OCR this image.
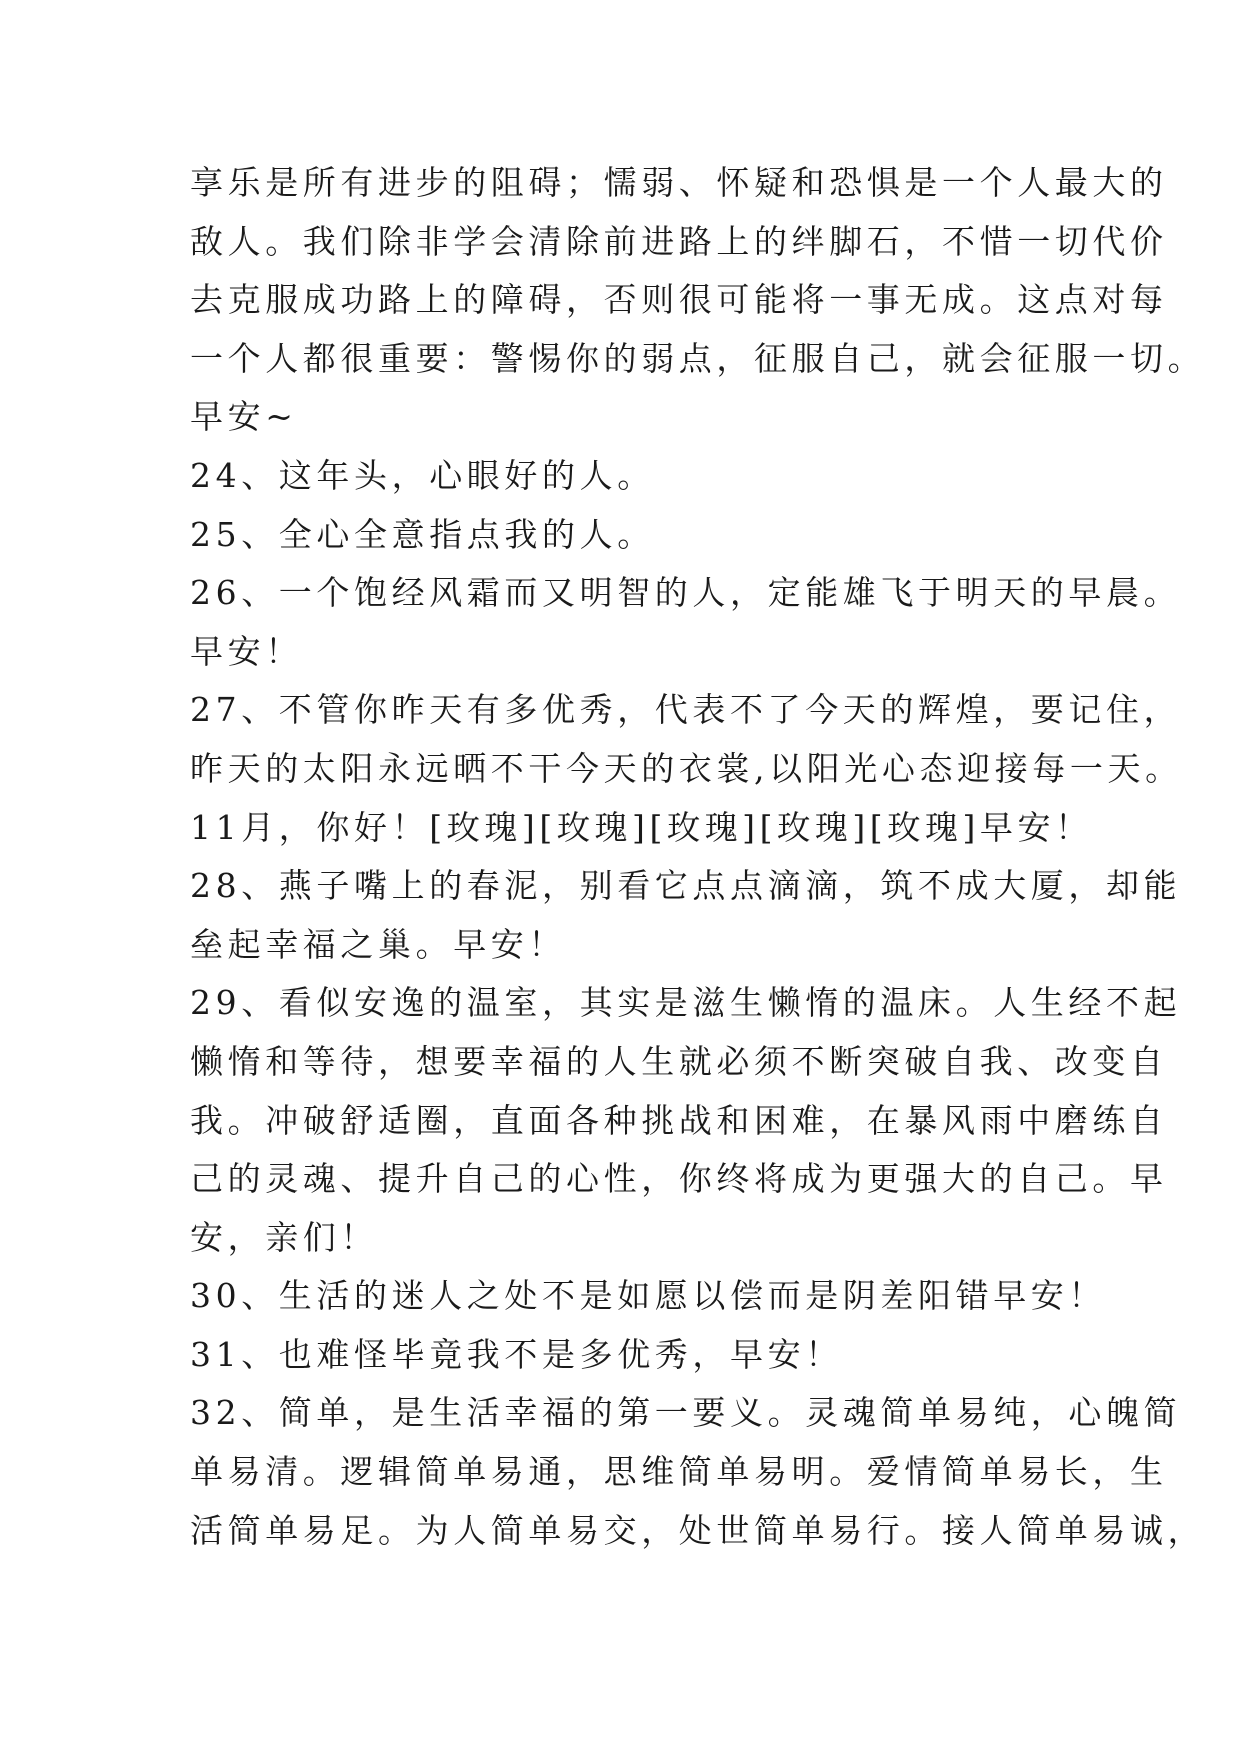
享乐是所有进步的阻碍；懦弱、怀疑和恐惧是一个人最大的
敌人。我们除非学会清除前进路上的绊脚石，不惜一切代价
去克服成功路上的障碍，否则很可能将一事无成。这点对每
一个人都很重要：警惕你的弱点，征服自己，就会征服一切。
早安~
24、这年头，心眼好的人。
25、全心全意指点我的人。
26、一个饱经风霜而又明智的人，定能雄飞于明天的早晨。
早安！
27、不管你昨天有多优秀，代表不了今天的辉煌，要记住，
昨天的太阳永远晒不干今天的衣裳,以阳光心态迎接每一天。
11月，你好！[玫瑰][玫瑰][玫瑰][玫瑰][玫瑰]早安！
28、燕子嘴上的春泥，别看它点点滴滴，筑不成大厦，却能
垒起幸福之巢。早安！
29、看似安逸的温室，其实是滋生懒惰的温床。人生经不起
懒惰和等待，想要幸福的人生就必须不断突破自我、改变自
我。冲破舒适圈，直面各种挑战和困难，在暴风雨中磨练自
己的灵魂、提升自己的心性，你终将成为更强大的自己。早
安，亲们！
30、生活的迷人之处不是如愿以偿而是阴差阳错早安！
31、也难怪毕竟我不是多优秀，早安！
32、简单，是生活幸福的第一要义。灵魂简单易纯，心魄简
单易清。逻辑简单易通，思维简单易明。爱情简单易长，生
活简单易足。为人简单易交，处世简单易行。接人简单易诚，
